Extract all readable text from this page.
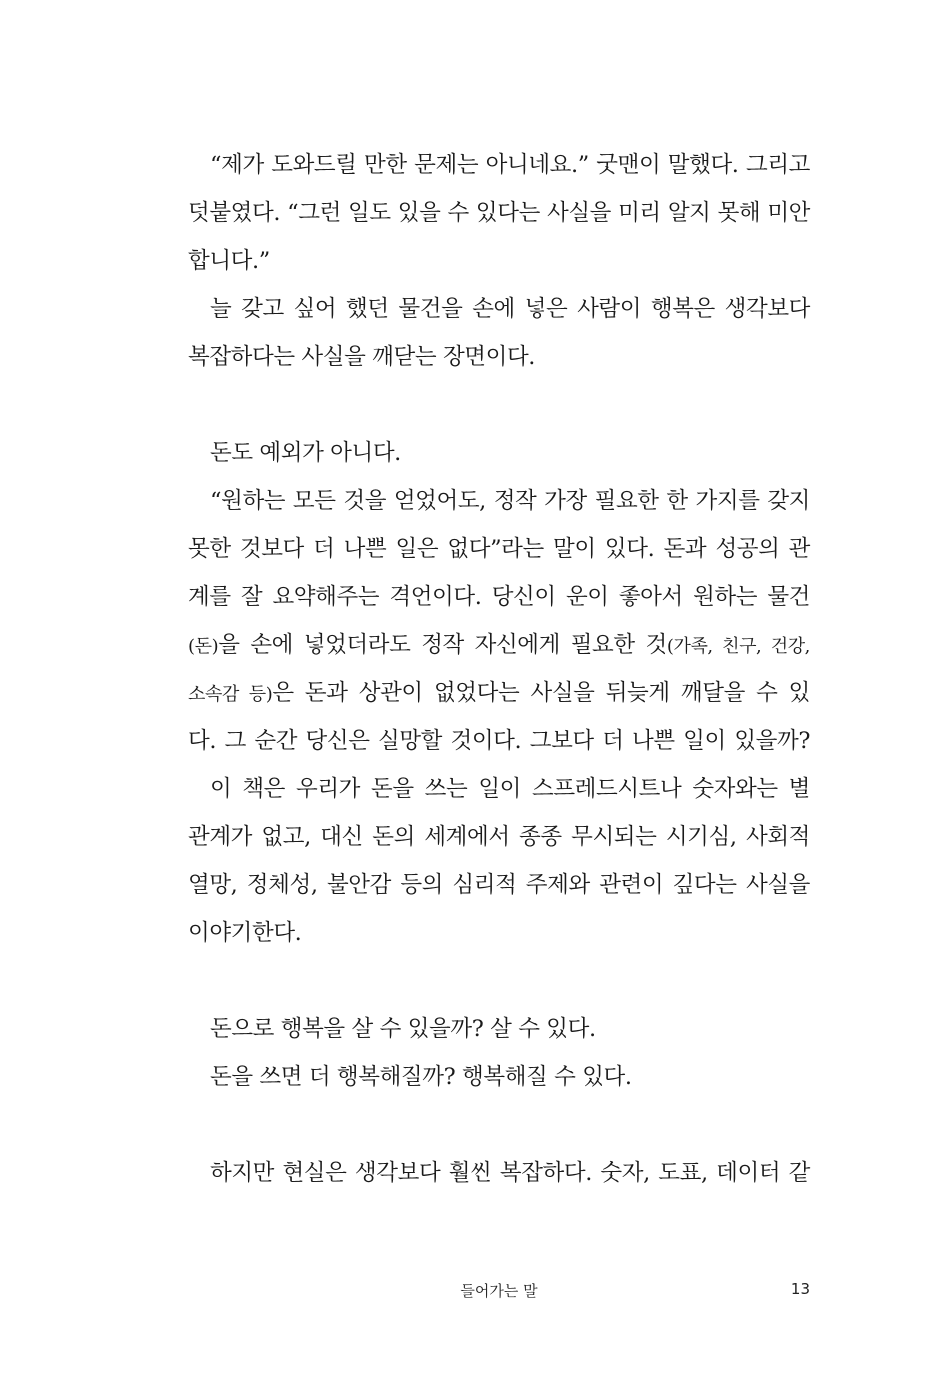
“제가 도와드릴 만한 문제는 아니네요.” 굿맨이 말했다. 그리고
덧붙였다. “그런 일도 있을 수 있다는 사실을 미리 알지 못해 미안
합니다.”
늘 갖고 싶어 했던 물건을 손에 넣은 사람이 행복은 생각보다
복잡하다는 사실을 깨닫는 장면이다.
돈도 예외가 아니다.
“원하는 모든 것을 얻었어도, 정작 가장 필요한 한 가지를 갖지
못한 것보다 더 나쁜 일은 없다”라는 말이 있다. 돈과 성공의 관
계를 잘 요약해주는 격언이다. 당신이 운이 좋아서 원하는 물건
(돈)을 손에 넣었더라도 정작 자신에게 필요한 것(가족, 친구, 건강,
소속감 등)은 돈과 상관이 없었다는 사실을 뒤늦게 깨달을 수 있
다. 그 순간 당신은 실망할 것이다. 그보다 더 나쁜 일이 있을까?
이 책은 우리가 돈을 쓰는 일이 스프레드시트나 숫자와는 별
관계가 없고, 대신 돈의 세계에서 종종 무시되는 시기심, 사회적
열망, 정체성, 불안감 등의 심리적 주제와 관련이 깊다는 사실을
이야기한다.
돈으로 행복을 살 수 있을까? 살 수 있다.
돈을 쓰면 더 행복해질까? 행복해질 수 있다.
하지만 현실은 생각보다 훨씬 복잡하다. 숫자, 도표, 데이터 같
들어가는 말	13
